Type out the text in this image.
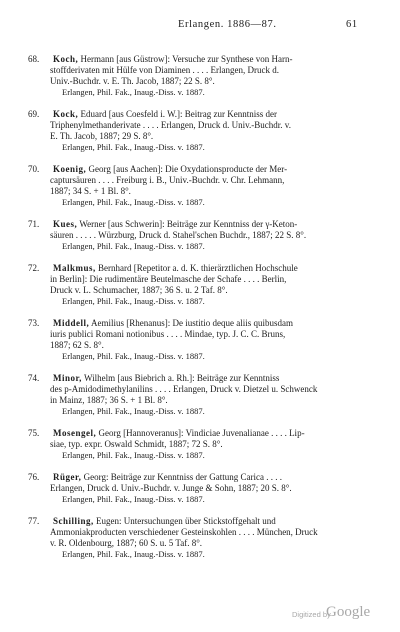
Erlangen. 1886—87.	61
68.	Koch, Hermann [aus Güstrow]: Versuche zur Synthese von Harn-

stoffderivaten mit Hülfe von Diaminen . . . . Erlangen, Druck d.

Univ.-Buchdr. v. E. Th. Jacob, 1887; 22 S. 8°.

Erlangen, Phil. Fak., Inaug.-Diss. v. 1887.
69.	Kock, Eduard [aus Coesfeld i. W.]: Beitrag zur Kenntniss der

Triphenylmethanderivate . . . . Erlangen, Druck d. Univ.-Buchdr. v.

E. Th. Jacob, 1887; 29 S. 8°.

Erlangen, Phil. Fak., Inaug.-Diss. v. 1887.
70.	Koenig, Georg [aus Aachen]: Die Oxydationsproducte der Mer-

captursäuren . . . . Freiburg i. B., Univ.-Buchdr. v. Chr. Lehmann,

1887; 34 S. + 1 Bl. 8°.

Erlangen, Phil. Fak., Inaug.-Diss. v. 1887.
71.	Kues, Werner [aus Schwerin]: Beiträge zur Kenntniss der γ-Keton-

säuren . . . . . Würzburg, Druck d. Stahel'schen Buchdr., 1887; 22 S. 8°.

Erlangen, Phil. Fak., Inaug.-Diss. v. 1887.
72.	Malkmus, Bernhard [Repetitor a. d. K. thierärztlichen Hochschule

in Berlin]: Die rudimentäre Beutelmasche der Schafe . . . . Berlin,

Druck v. L. Schumacher, 1887; 36 S. u. 2 Taf. 8°.

Erlangen, Phil. Fak., Inaug.-Diss. v. 1887.
73.	Middell, Aemilius [Rhenanus]: De iustitio deque aliis quibusdam

iuris publici Romani notionibus . . . . Mindae, typ. J. C. C. Bruns,

1887; 62 S. 8°.

Erlangen, Phil. Fak., Inaug.-Diss. v. 1887.
74.	Minor, Wilhelm [aus Biebrich a. Rh.]: Beiträge zur Kenntniss

des p-Amidodimethylanilins . . . . Erlangen, Druck v. Dietzel u. Schwenck

in Mainz, 1887; 36 S. + 1 Bl. 8°.

Erlangen, Phil. Fak., Inaug.-Diss. v. 1887.
75.	Mosengel, Georg [Hannoveranus]: Vindiciae Juvenalianae . . . . Lip-

siae, typ. expr. Oswald Schmidt, 1887; 72 S. 8°.

Erlangen, Phil. Fak., Inaug.-Diss. v. 1887.
76.	Rüger, Georg: Beiträge zur Kenntniss der Gattung Carica . . . .

Erlangen, Druck d. Univ.-Buchdr. v. Junge & Sohn, 1887; 20 S. 8°.

Erlangen, Phil. Fak., Inaug.-Diss. v. 1887.
77.	Schilling, Eugen: Untersuchungen über Stickstoffgehalt und

Ammoniakproducten verschiedener Gesteinskohlen . . . . München, Druck

v. R. Oldenbourg, 1887; 60 S. u. 5 Taf. 8°.

Erlangen, Phil. Fak., Inaug.-Diss. v. 1887.
Digitized by
Google
